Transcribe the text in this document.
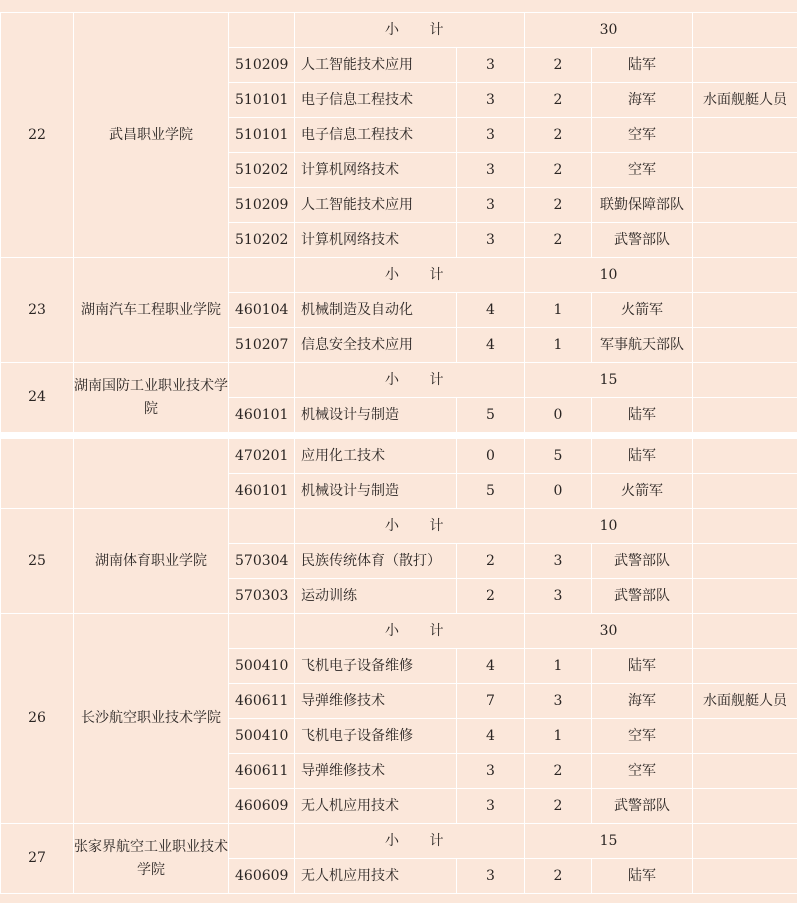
22	武昌职业学院		小 计		30			
		510209	人工智能技术应用	3	2	陆军		
		510101	电子信息工程技术	3	2	海军	水面舰艇人员	
		510101	电子信息工程技术	3	2	空军		
		510202	计算机网络技术	3	2	空军		
		510209	人工智能技术应用	3	2	联勤保障部队		
		510202	计算机网络技术	3	2	武警部队		
23	湖南汽车工程职业学院		小 计		10			
		460104	机械制造及自动化	4	1	火箭军		
		510207	信息安全技术应用	4	1	军事航天部队		
24	湖南国防工业职业技术学院		小 计		15			
		460101	机械设计与制造	5	0	陆军		
		470201	应用化工技术	0	5	陆军		
		460101	机械设计与制造	5	0	火箭军		
25	湖南体育职业学院		小 计		10			
		570304	民族传统体育（散打）	2	3	武警部队		
		570303	运动训练	2	3	武警部队		
26	长沙航空职业技术学院		小 计		30			
		500410	飞机电子设备维修	4	1	陆军		
		460611	导弹维修技术	7	3	海军	水面舰艇人员	
		500410	飞机电子设备维修	4	1	空军		
		460611	导弹维修技术	3	2	空军		
		460609	无人机应用技术	3	2	武警部队		
27	张家界航空工业职业技术学院		小 计		15			
		460609	无人机应用技术	3	2	陆军		
